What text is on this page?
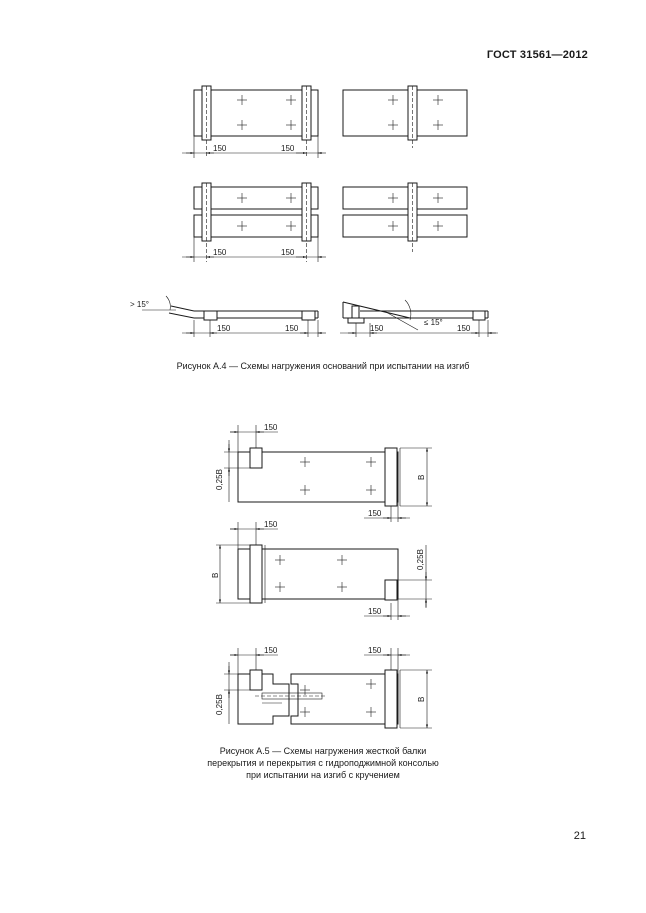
ГОСТ 31561—2012
150	150
150	150
> 15°
150	150
≤ 15°
150	150
150
0,25B	B
150
150
B
0,25B
150
150	150
0,25B	B
Рисунок А.4 — Схемы нагружения оснований при испытании на изгиб
Рисунок А.5 — Схемы нагружения жесткой балки
перекрытия и перекрытия с гидроподжимной консолью
при испытании на изгиб с кручением
21
